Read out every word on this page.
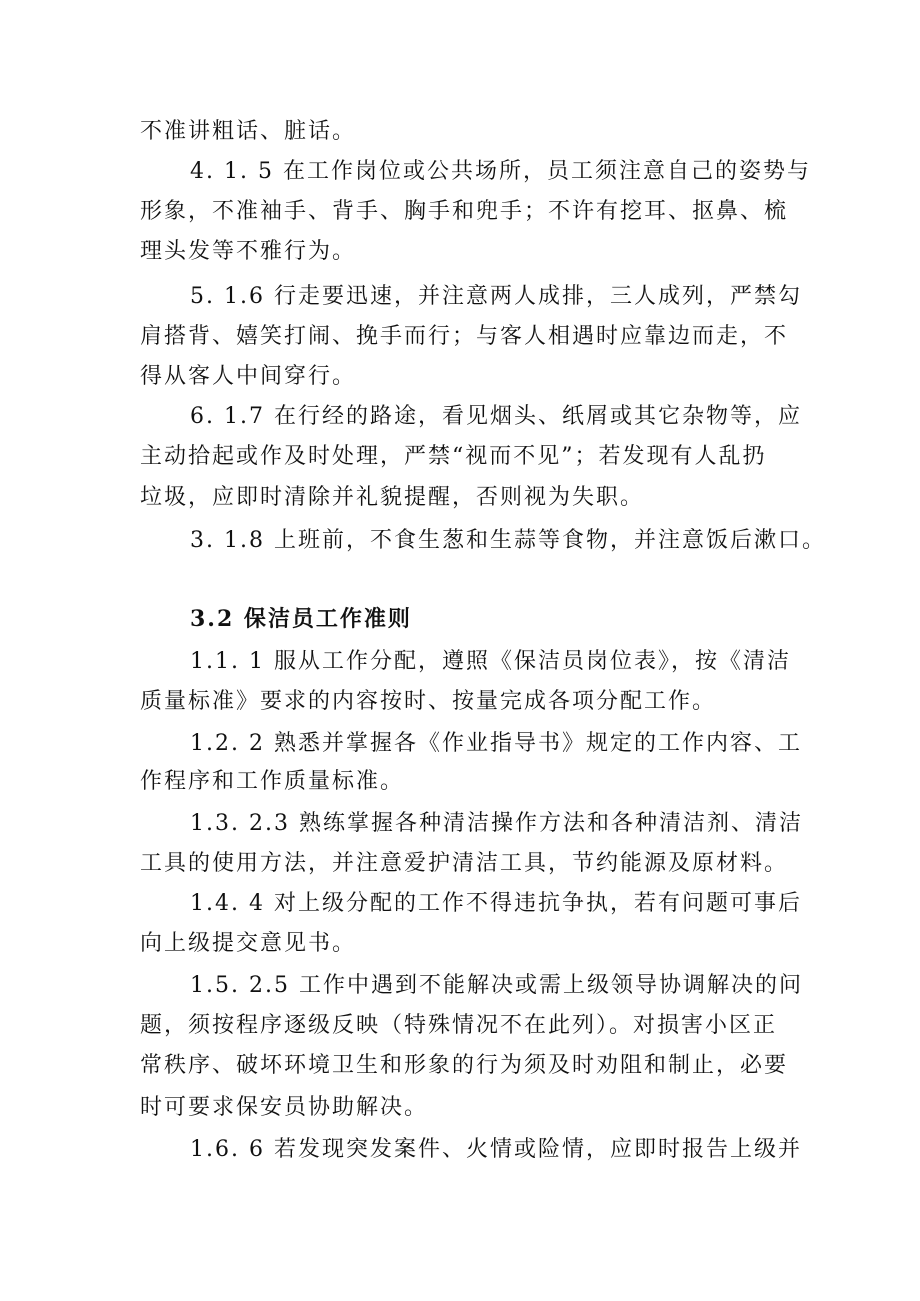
不准讲粗话、脏话。
4. 1. 5 在工作岗位或公共场所，员工须注意自己的姿势与
形象，不准袖手、背手、胸手和兜手；不许有挖耳、抠鼻、梳
理头发等不雅行为。
5. 1.6 行走要迅速，并注意两人成排，三人成列，严禁勾
肩搭背、嬉笑打闹、挽手而行；与客人相遇时应靠边而走，不
得从客人中间穿行。
6. 1.7 在行经的路途，看见烟头、纸屑或其它杂物等，应
主动拾起或作及时处理，严禁“视而不见”；若发现有人乱扔
垃圾，应即时清除并礼貌提醒，否则视为失职。
3. 1.8 上班前，不食生葱和生蒜等食物，并注意饭后漱口。
3.2 保洁员工作准则
1.1. 1 服从工作分配，遵照《保洁员岗位表》，按《清洁
质量标准》要求的内容按时、按量完成各项分配工作。
1.2. 2 熟悉并掌握各《作业指导书》规定的工作内容、工
作程序和工作质量标准。
1.3. 2.3 熟练掌握各种清洁操作方法和各种清洁剂、清洁
工具的使用方法，并注意爱护清洁工具，节约能源及原材料。
1.4. 4 对上级分配的工作不得违抗争执，若有问题可事后
向上级提交意见书。
1.5. 2.5 工作中遇到不能解决或需上级领导协调解决的问
题，须按程序逐级反映（特殊情况不在此列）。对损害小区正
常秩序、破坏环境卫生和形象的行为须及时劝阻和制止，必要
时可要求保安员协助解决。
1.6. 6 若发现突发案件、火情或险情，应即时报告上级并
